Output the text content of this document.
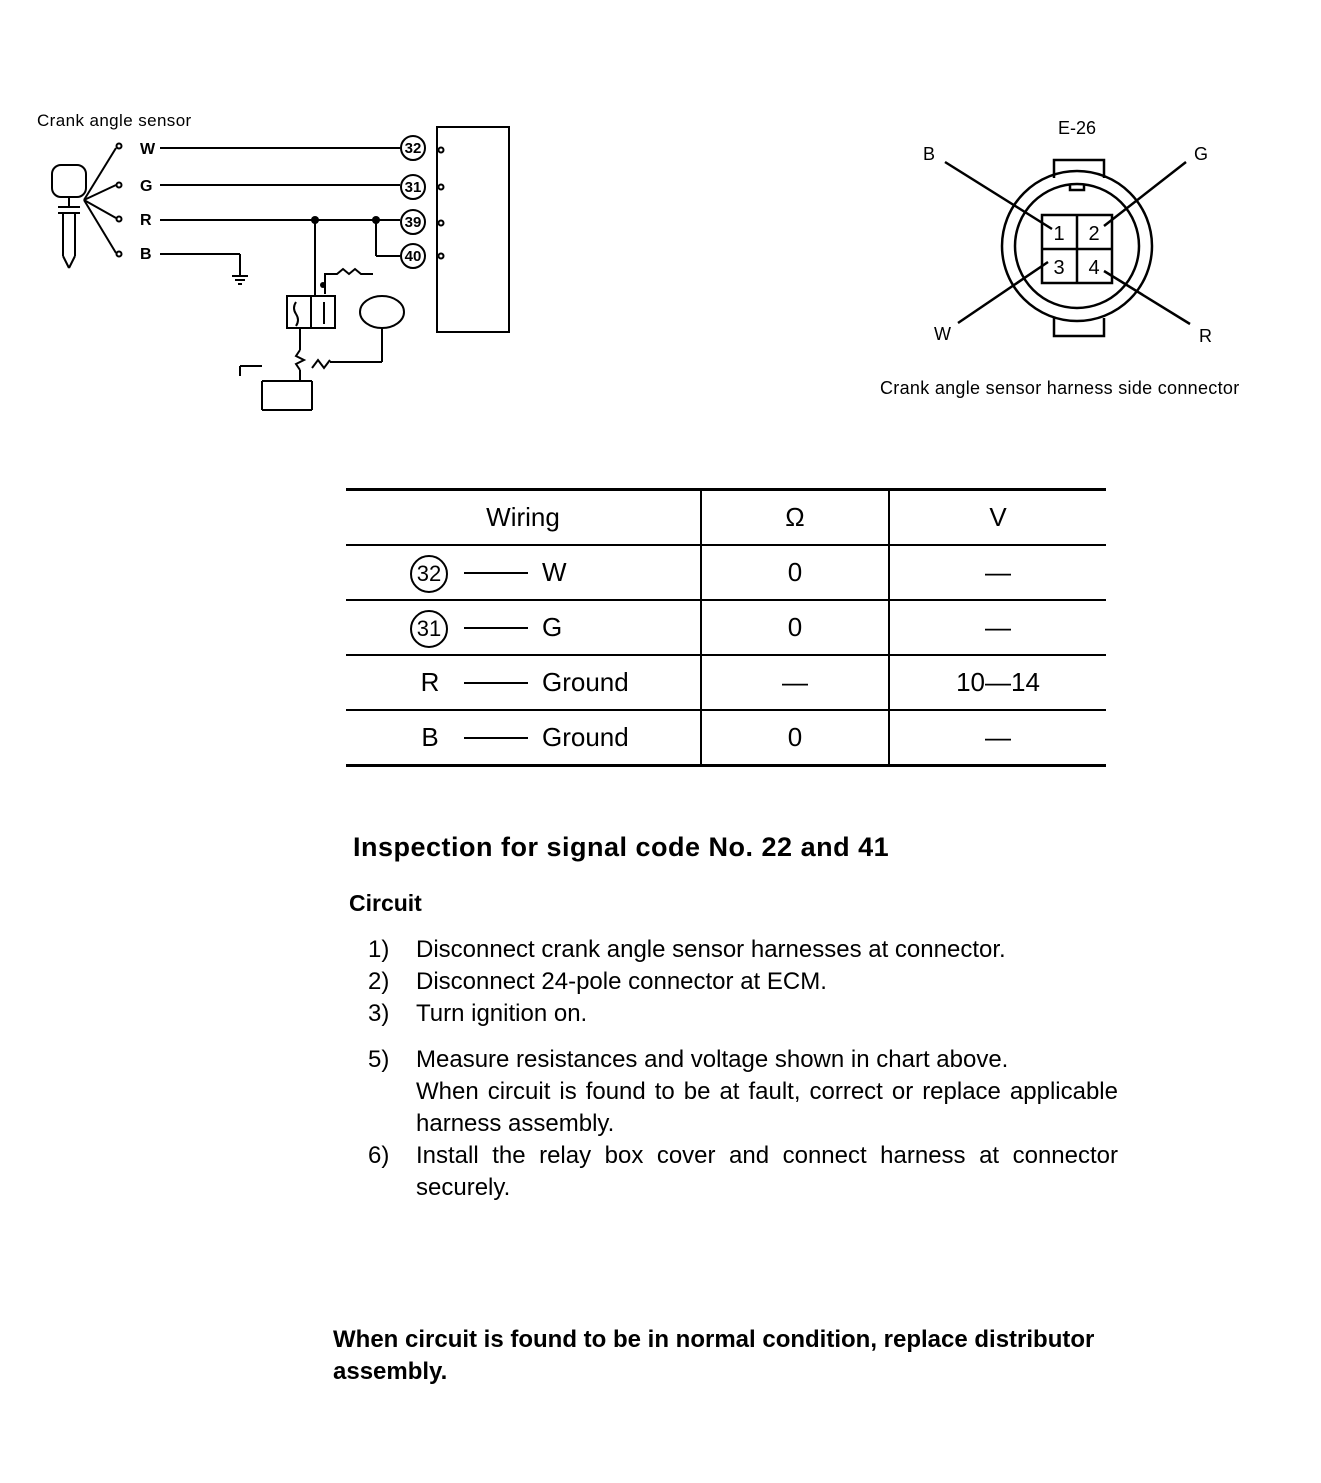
Crank angle sensor
W
G
R
B
32
31
39
40
E-26
1 2
3 4
B	G
W	R
Crank angle sensor harness side connector
Wiring	Ω	V

32 W	0	—

31 G	0	—

R Ground	—	10—14

B Ground	0	—
Inspection for signal code No. 22 and 41
Circuit
1) Disconnect crank angle sensor harnesses at connector.
2) Disconnect 24-pole connector at ECM.
3) Turn ignition on.
5) Measure resistances and voltage shown in chart above.
When circuit is found to be at fault, correct or replace applicable harness assembly.
6) Install the relay box cover and connect harness at connector securely.
When circuit is found to be in normal condition, replace distributor assembly.
